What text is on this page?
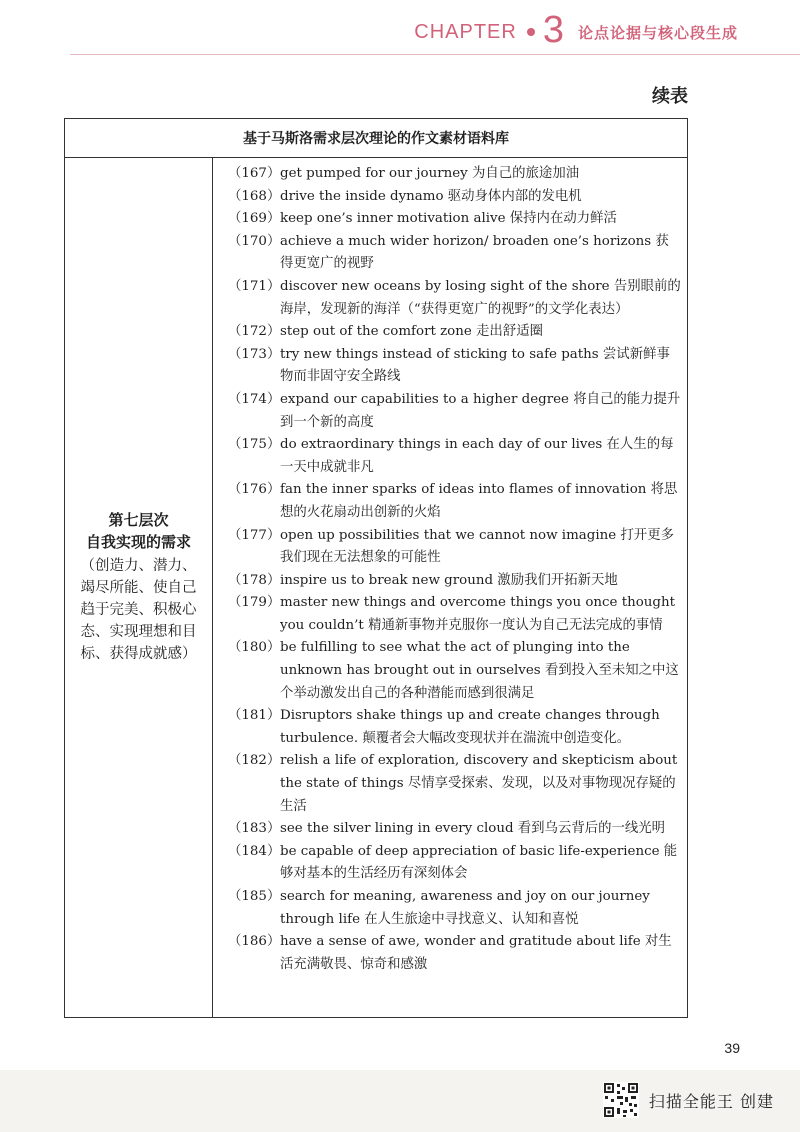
CHAPTER 3 论点论据与核心段生成
续表
基于马斯洛需求层次理论的作文素材语料库
第七层次
自我实现的需求
（创造力、潜力、竭尽所能、使自己趋于完美、积极心态、实现理想和目标、获得成就感）
（167） get pumped for our journey 为自己的旅途加油
（168） drive the inside dynamo 驱动身体内部的发电机
（169） keep one’s inner motivation alive 保持内在动力鲜活
（170） achieve a much wider horizon/ broaden one’s horizons 获得更宽广的视野
（171） discover new oceans by losing sight of the shore 告别眼前的海岸，发现新的海洋（“获得更宽广的视野”的文学化表达）
（172） step out of the comfort zone 走出舒适圈
（173） try new things instead of sticking to safe paths 尝试新鲜事物而非固守安全路线
（174） expand our capabilities to a higher degree 将自己的能力提升到一个新的高度
（175） do extraordinary things in each day of our lives 在人生的每一天中成就非凡
（176） fan the inner sparks of ideas into flames of innovation 将思想的火花扇动出创新的火焰
（177） open up possibilities that we cannot now imagine 打开更多我们现在无法想象的可能性
（178） inspire us to break new ground 激励我们开拓新天地
（179） master new things and overcome things you once thought you couldn’t 精通新事物并克服你一度认为自己无法完成的事情
（180） be fulfilling to see what the act of plunging into the unknown has brought out in ourselves 看到投入至未知之中这个举动激发出自己的各种潜能而感到很满足
（181） Disruptors shake things up and create changes through turbulence. 颠覆者会大幅改变现状并在湍流中创造变化。
（182） relish a life of exploration, discovery and skepticism about the state of things 尽情享受探索、发现，以及对事物现况存疑的生活
（183） see the silver lining in every cloud 看到乌云背后的一线光明
（184） be capable of deep appreciation of basic life-experience 能够对基本的生活经历有深刻体会
（185） search for meaning, awareness and joy on our journey through life 在人生旅途中寻找意义、认知和喜悦
（186） have a sense of awe, wonder and gratitude about life 对生活充满敬畏、惊奇和感激
39
扫描全能王 创建
